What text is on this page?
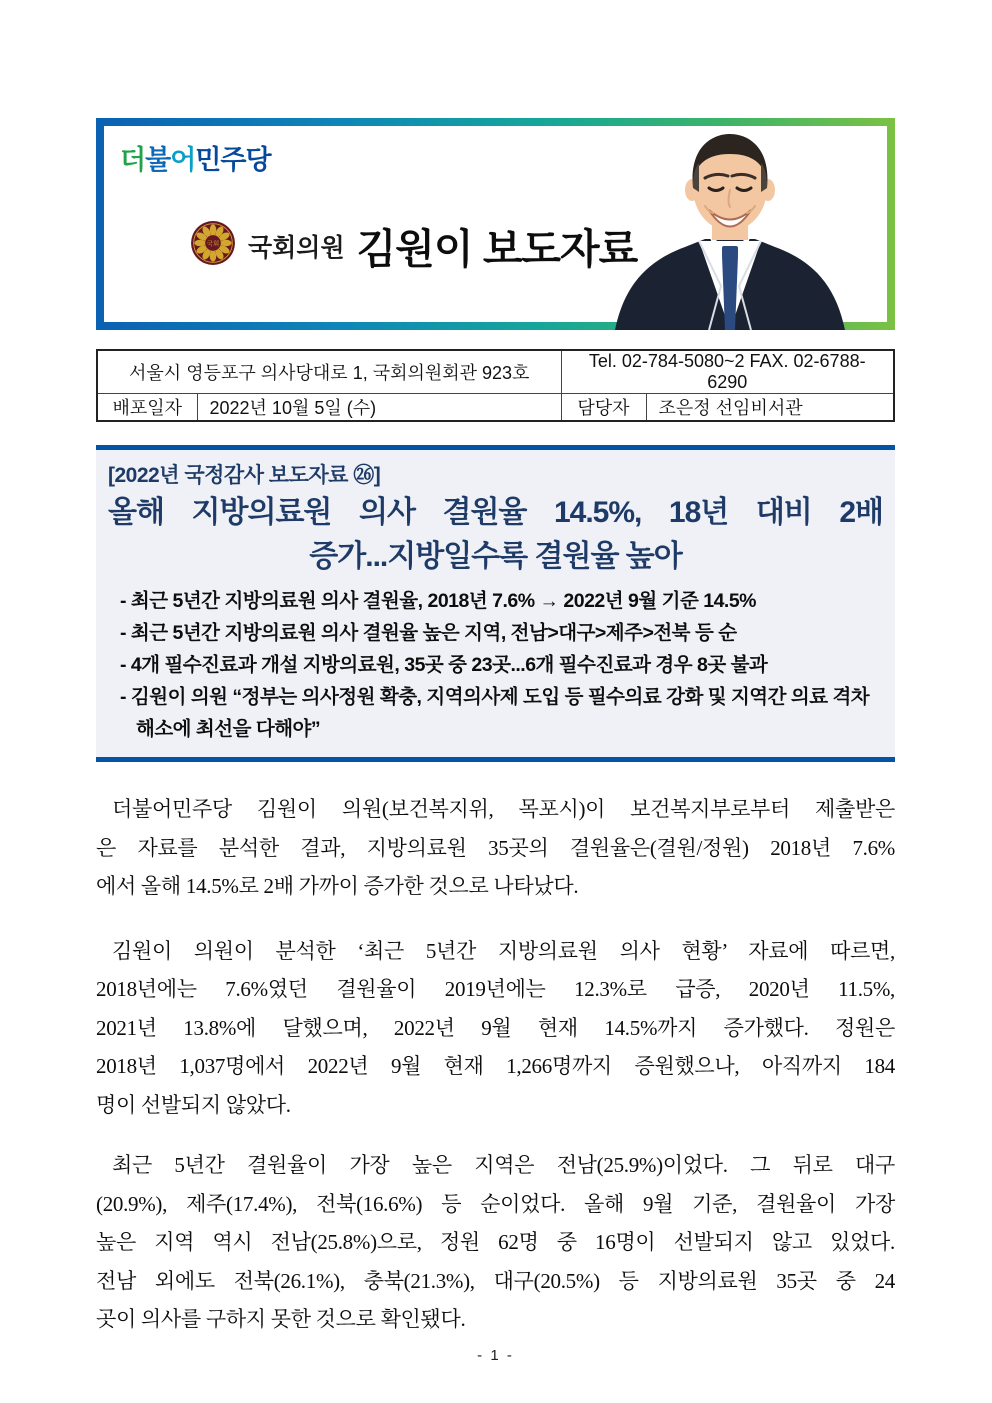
더불어민주당
국회 국회의원 김원이 보도자료
서울시 영등포구 의사당대로 1, 국회의원회관 923호		Tel. 02-784-5080~2 FAX. 02-6788-6290	
배포일자	2022년 10월 5일 (수)	담당자	조은정 선임비서관
[2022년 국정감사 보도자료 ㉖]
올해 지방의료원 의사 결원율 14.5%, 18년 대비 2배
증가...지방일수록 결원율 높아
- 최근 5년간 지방의료원 의사 결원율, 2018년 7.6% → 2022년 9월 기준 14.5%
- 최근 5년간 지방의료원 의사 결원율 높은 지역, 전남>대구>제주>전북 등 순
- 4개 필수진료과 개설 지방의료원, 35곳 중 23곳...6개 필수진료과 경우 8곳 불과
- 김원이 의원 “정부는 의사정원 확충, 지역의사제 도입 등 필수의료 강화 및 지역간 의료 격차 해소에 최선을 다해야”
더불어민주당 김원이 의원(보건복지위, 목포시)이 보건복지부로부터 제출받은
은 자료를 분석한 결과, 지방의료원 35곳의 결원율은(결원/정원) 2018년 7.6%
에서 올해 14.5%로 2배 가까이 증가한 것으로 나타났다.
김원이 의원이 분석한 ‘최근 5년간 지방의료원 의사 현황’ 자료에 따르면,
2018년에는 7.6%였던 결원율이 2019년에는 12.3%로 급증, 2020년 11.5%,
2021년 13.8%에 달했으며, 2022년 9월 현재 14.5%까지 증가했다. 정원은
2018년 1,037명에서 2022년 9월 현재 1,266명까지 증원했으나, 아직까지 184
명이 선발되지 않았다.
최근 5년간 결원율이 가장 높은 지역은 전남(25.9%)이었다. 그 뒤로 대구
(20.9%), 제주(17.4%), 전북(16.6%) 등 순이었다. 올해 9월 기준, 결원율이 가장
높은 지역 역시 전남(25.8%)으로, 정원 62명 중 16명이 선발되지 않고 있었다.
전남 외에도 전북(26.1%), 충북(21.3%), 대구(20.5%) 등 지방의료원 35곳 중 24
곳이 의사를 구하지 못한 것으로 확인됐다.
- 1 -
